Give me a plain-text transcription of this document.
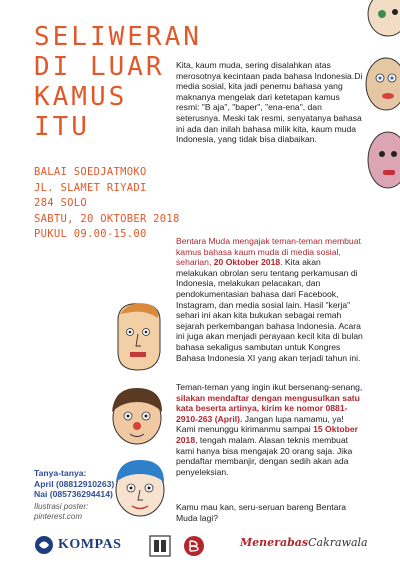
SELIWERAN
DI LUAR
KAMUS
ITU
BALAI SOEDJATMOKO
JL. SLAMET RIYADI
284 SOLO
SABTU, 20 OKTOBER 2018
PUKUL 09.00-15.00
Kita, kaum muda, sering disalahkan atas merosotnya kecintaan pada bahasa Indonesia.Di media sosial, kita jadi penemu bahasa yang maknanya mengelak dari ketetapan kamus resmi: "B aja", "baper", "ena-ena", dan seterusnya. Meski tak resmi, senyatanya bahasa ini ada dan inilah bahasa milik kita, kaum muda Indonesia, yang tidak bisa diabaikan.
Bentara Muda mengajak teman-teman membuat kamus bahasa kaum muda di media sosial, seharian, 20 Oktober 2018. Kita akan melakukan obrolan seru tentang perkamusan di Indonesia, melakukan pelacakan, dan pendokumentasian bahasa dari Facebook, Instagram, dan media sosial lain. Hasil "kerja" sehari ini akan kita bukukan sebagai remah sejarah perkembangan bahasa Indonesia. Acara ini juga akan menjadi perayaan kecil kita di bulan bahasa sekaligus sambutan untuk Kongres Bahasa Indonesia XI yang akan terjadi tahun ini.
Teman-teman yang ingin ikut bersenang-senang, silakan mendaftar dengan mengusulkan satu kata beserta artinya, kirim ke nomor 0881-2910-263 (April). Jangan lupa namamu, ya! Kami menunggu kirimanmu sampai 15 Oktober 2018, tengah malam. Alasan teknis membuat kami hanya bisa mengajak 20 orang saja. Jika pendaftar membanjir, dengan sedih akan ada penyeleksian.
Kamu mau kan, seru-seruan bareng Bentara Muda lagi?
Tanya-tanya:
April (08812910263)
Nai (085736294414)
Ilustrasi poster:
pinterest.com
KOMPAS	MenerabasCakrawala
